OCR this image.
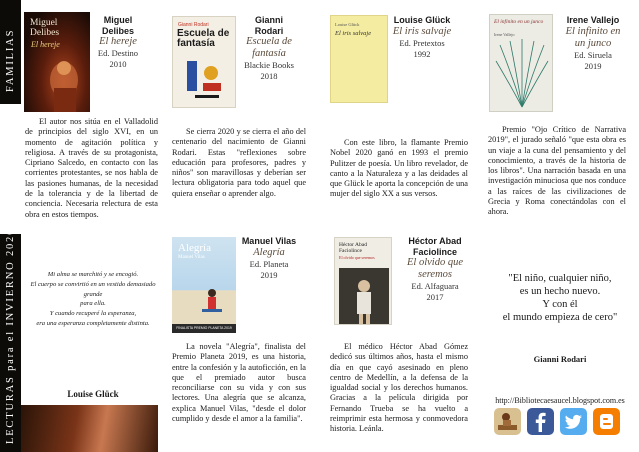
FAMILIAS
LECTURAS para el INVIERNO 2020
Miguel Delibes
El hereje
Miguel Delibes
El hereje
Ed. Destino
2010

El autor nos sitúa en el Valladolid de principios del siglo XVI, en un momento de agitación política y religiosa. A través de su protagonista, Cipriano Salcedo, en contacto con las corrientes protestantes, se nos habla de las pasiones humanas, de la necesidad de la tolerancia y de la libertad de conciencia. Necesaria relectura de esta obra en estos tiempos.

Gianni Rodari
Escuela de fantasía
Gianni Rodari
Escuela de fantasía
Blackie Books
2018

Se cierra 2020 y se cierra el año del centenario del nacimiento de Gianni Rodari. Estas "reflexiones sobre educación para profesores, padres y niños" son maravillosas y deberían ser lectura obligatoria para todo aquel que quiera enseñar o aprender algo.

Louise Glück
El iris salvaje
Louise Glück
El iris salvaje
Ed. Pretextos
1992

Con este libro, la flamante Premio Nobel 2020 ganó en 1993 el premio Pulitzer de poesía. Un libro revelador, de canto a la Naturaleza y a las deidades al que Glück le aporta la concepción de una mujer del siglo XX a sus versos.

El infinito en un junco
Irene Vallejo
Irene Vallejo
El infinito en un junco
Ed. Siruela
2019

Premio "Ojo Crítico de Narrativa 2019", el jurado señaló "que esta obra es un viaje a la cuna del pensamiento y del conocimiento, a través de la historia de los libros". Una narración basada en una investigación minuciosa que nos conduce a las raíces de las civilizaciones de Grecia y Roma conectándolas con el ahora.

Alegría
Manuel Vilas
FINALISTA PREMIO PLANETA 2019
Manuel Vilas
Alegría
Ed. Planeta
2019

La novela "Alegría", finalista del Premio Planeta 2019, es una historia, entre la confesión y la autoficción, en la que el premiado autor busca reconciliarse con su vida y con sus lectores. Una alegría que se alcanza, explica Manuel Vilas, "desde el dolor cumplido y desde el amor a la familia".

Héctor Abad Faciolince
El olvido que seremos
Héctor Abad Faciolince
El olvido que seremos
Ed. Alfaguara
2017

El médico Héctor Abad Gómez dedicó sus últimos años, hasta el mismo día en que cayó asesinado en pleno centro de Medellín, a la defensa de la igualdad social y los derechos humanos. Gracias a la película dirigida por Fernando Trueba se ha vuelto a reimprimir esta hermosa y conmovedora historia. Leánla.

Mi alma se marchitó y se encogió.
El cuerpo se convirtió en un vestido demasiado
grande
para ella.
Y cuando recuperé la esperanza,
era una esperanza completamente distinta.
Louise Glück
"El niño, cualquier niño,
es un hecho nuevo.
Y con él
el mundo empieza de cero"
Gianni Rodari
http://Bibliotecaesaucel.blogspot.com.es
